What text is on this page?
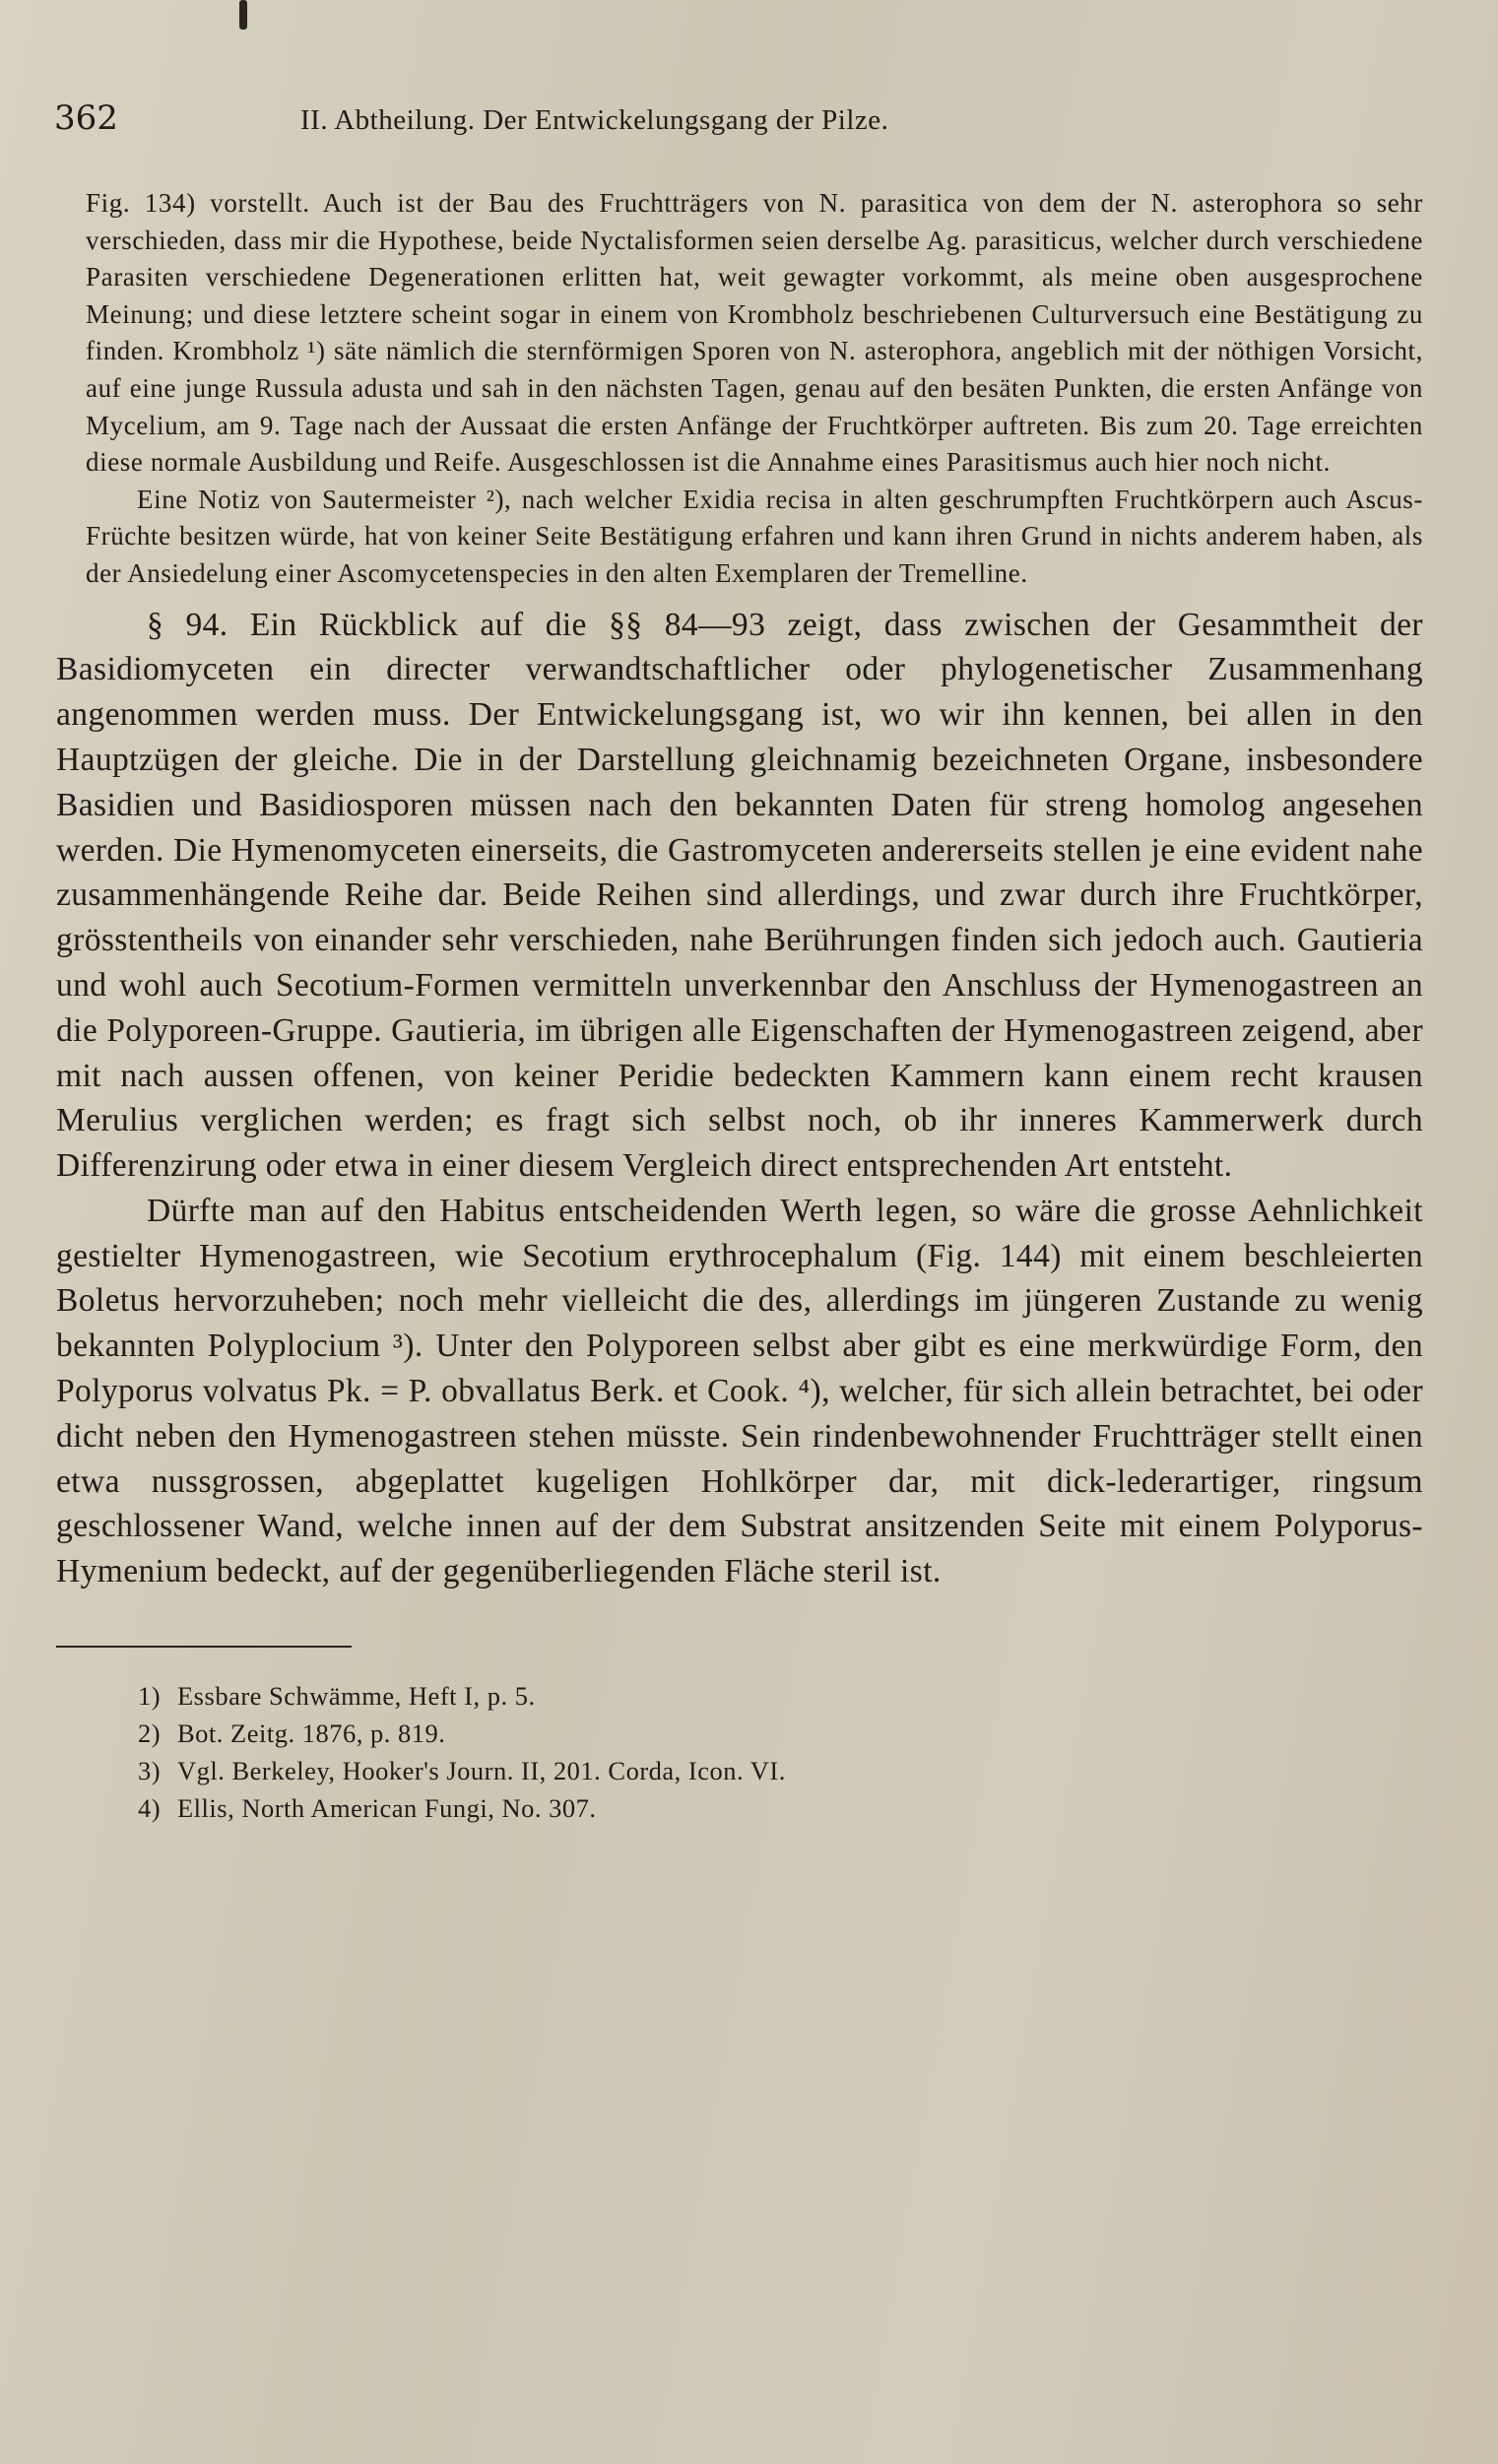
362	II. Abtheilung. Der Entwickelungsgang der Pilze.

Fig. 134) vorstellt. Auch ist der Bau des Fruchtträgers von N. parasitica von dem der N. asterophora so sehr verschieden, dass mir die Hypothese, beide Nyctalisformen seien derselbe Ag. parasiticus, welcher durch verschiedene Parasiten verschiedene Degenerationen erlitten hat, weit gewagter vorkommt, als meine oben ausgesprochene Meinung; und diese letztere scheint sogar in einem von Krombholz beschriebenen Culturversuch eine Bestätigung zu finden. Krombholz ¹) säte nämlich die sternförmigen Sporen von N. asterophora, angeblich mit der nöthigen Vorsicht, auf eine junge Russula adusta und sah in den nächsten Tagen, genau auf den besäten Punkten, die ersten Anfänge von Mycelium, am 9. Tage nach der Aussaat die ersten Anfänge der Fruchtkörper auftreten. Bis zum 20. Tage erreichten diese normale Ausbildung und Reife. Ausgeschlossen ist die Annahme eines Parasitismus auch hier noch nicht.

Eine Notiz von Sautermeister ²), nach welcher Exidia recisa in alten geschrumpften Fruchtkörpern auch Ascus-Früchte besitzen würde, hat von keiner Seite Bestätigung erfahren und kann ihren Grund in nichts anderem haben, als der Ansiedelung einer Ascomycetenspecies in den alten Exemplaren der Tremelline.

§ 94. Ein Rückblick auf die §§ 84—93 zeigt, dass zwischen der Gesammtheit der Basidiomyceten ein directer verwandtschaftlicher oder phylogenetischer Zusammenhang angenommen werden muss. Der Entwickelungsgang ist, wo wir ihn kennen, bei allen in den Hauptzügen der gleiche. Die in der Darstellung gleichnamig bezeichneten Organe, insbesondere Basidien und Basidiosporen müssen nach den bekannten Daten für streng homolog angesehen werden. Die Hymenomyceten einerseits, die Gastromyceten andererseits stellen je eine evident nahe zusammenhängende Reihe dar. Beide Reihen sind allerdings, und zwar durch ihre Fruchtkörper, grösstentheils von einander sehr verschieden, nahe Berührungen finden sich jedoch auch. Gautieria und wohl auch Secotium-Formen vermitteln unverkennbar den Anschluss der Hymenogastreen an die Polyporeen-Gruppe. Gautieria, im übrigen alle Eigenschaften der Hymenogastreen zeigend, aber mit nach aussen offenen, von keiner Peridie bedeckten Kammern kann einem recht krausen Merulius verglichen werden; es fragt sich selbst noch, ob ihr inneres Kammerwerk durch Differenzirung oder etwa in einer diesem Vergleich direct entsprechenden Art entsteht.

Dürfte man auf den Habitus entscheidenden Werth legen, so wäre die grosse Aehnlichkeit gestielter Hymenogastreen, wie Secotium erythrocephalum (Fig. 144) mit einem beschleierten Boletus hervorzuheben; noch mehr vielleicht die des, allerdings im jüngeren Zustande zu wenig bekannten Polyplocium ³). Unter den Polyporeen selbst aber gibt es eine merkwürdige Form, den Polyporus volvatus Pk. = P. obvallatus Berk. et Cook. ⁴), welcher, für sich allein betrachtet, bei oder dicht neben den Hymenogastreen stehen müsste. Sein rindenbewohnender Fruchtträger stellt einen etwa nussgrossen, abgeplattet kugeligen Hohlkörper dar, mit dick-lederartiger, ringsum geschlossener Wand, welche innen auf der dem Substrat ansitzenden Seite mit einem Polyporus-Hymenium bedeckt, auf der gegenüberliegenden Fläche steril ist.

1) Essbare Schwämme, Heft I, p. 5.
2) Bot. Zeitg. 1876, p. 819.
3) Vgl. Berkeley, Hooker's Journ. II, 201. Corda, Icon. VI.
4) Ellis, North American Fungi, No. 307.
